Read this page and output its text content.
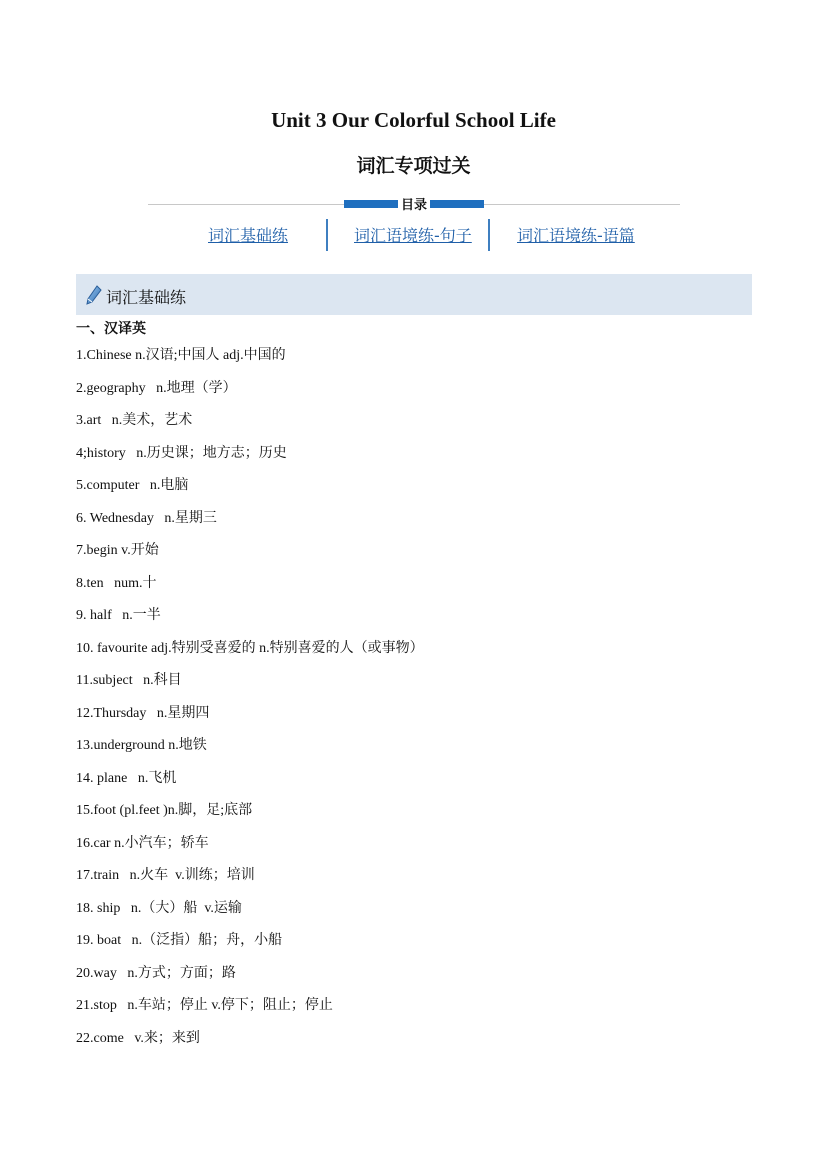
Unit 3 Our Colorful School Life
词汇专项过关
目录
词汇基础练	词汇语境练-句子	词汇语境练-语篇
词汇基础练
一、汉译英
1.Chinese n.汉语;中国人 adj.中国的
2.geography   n.地理（学）
3.art   n.美术，艺术
4;history   n.历史课；地方志；历史
5.computer   n.电脑
6. Wednesday   n.星期三
7.begin v.开始
8.ten   num.十
9. half   n.一半
10. favourite adj.特别受喜爱的 n.特别喜爱的人（或事物）
11.subject   n.科目
12.Thursday   n.星期四
13.underground n.地铁
14. plane   n.飞机
15.foot (pl.feet )n.脚，足;底部
16.car n.小汽车；轿车
17.train   n.火车  v.训练；培训
18. ship   n.（大）船  v.运输
19. boat   n.（泛指）船；舟，小船
20.way   n.方式；方面；路
21.stop   n.车站；停止 v.停下；阻止；停止
22.come   v.来；来到
